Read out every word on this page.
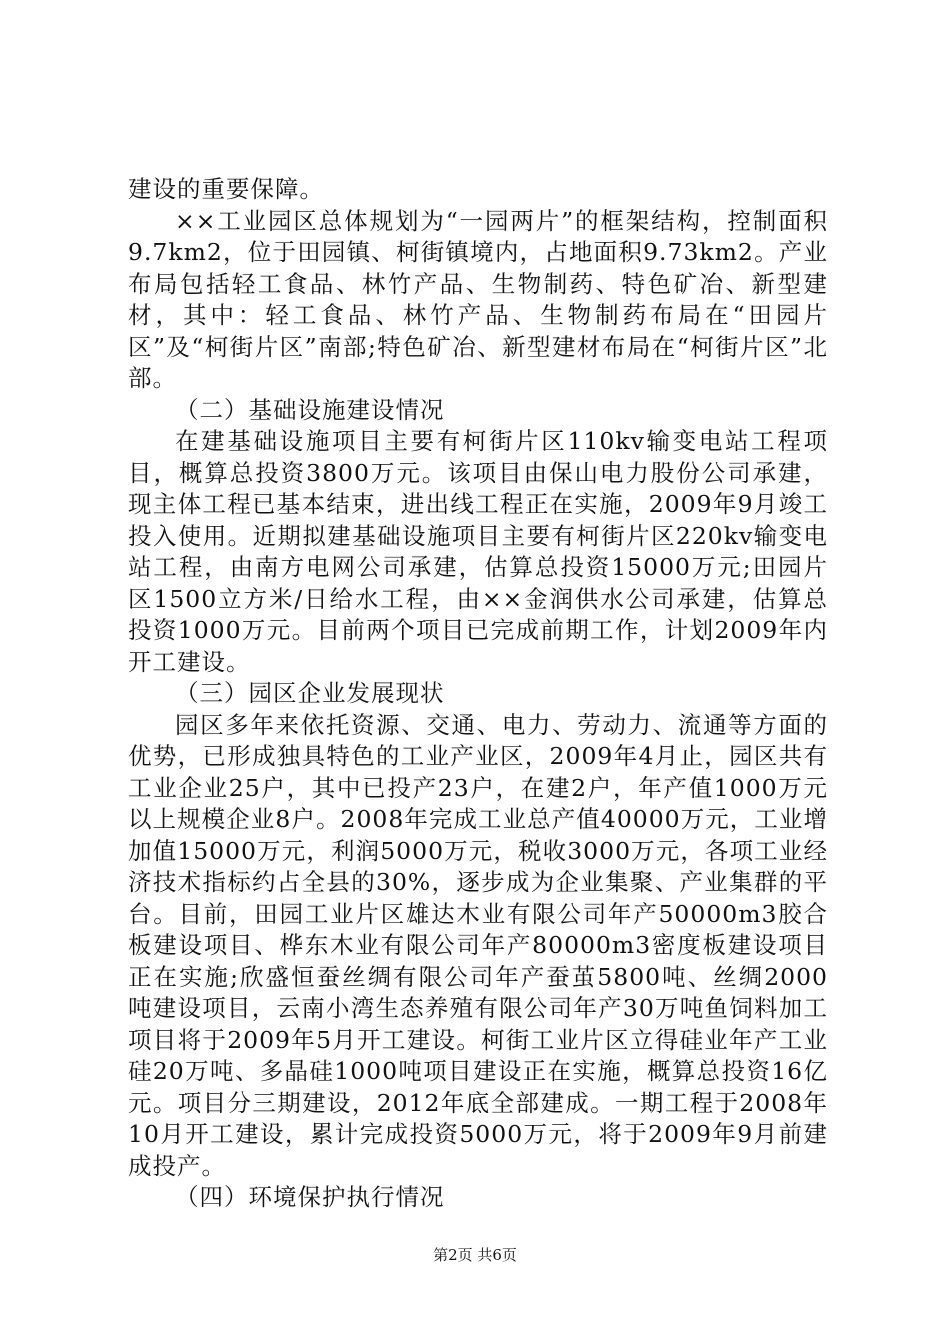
建设的重要保障。

××工业园区总体规划为“一园两片”的框架结构，控制面积9.7km2，位于田园镇、柯街镇境内，占地面积9.73km2。产业布局包括轻工食品、林竹产品、生物制药、特色矿冶、新型建材，其中：轻工食品、林竹产品、生物制药布局在“田园片区”及“柯街片区”南部;特色矿冶、新型建材布局在“柯街片区”北部。

（二）基础设施建设情况

在建基础设施项目主要有柯街片区110kv输变电站工程项目，概算总投资3800万元。该项目由保山电力股份公司承建，现主体工程已基本结束，进出线工程正在实施，2009年9月竣工投入使用。近期拟建基础设施项目主要有柯街片区220kv输变电站工程，由南方电网公司承建，估算总投资15000万元;田园片区1500立方米/日给水工程，由××金润供水公司承建，估算总投资1000万元。目前两个项目已完成前期工作，计划2009年内开工建设。

（三）园区企业发展现状

园区多年来依托资源、交通、电力、劳动力、流通等方面的优势，已形成独具特色的工业产业区，2009年4月止，园区共有工业企业25户，其中已投产23户，在建2户，年产值1000万元以上规模企业8户。2008年完成工业总产值40000万元，工业增加值15000万元，利润5000万元，税收3000万元，各项工业经济技术指标约占全县的30%，逐步成为企业集聚、产业集群的平台。目前，田园工业片区雄达木业有限公司年产50000m3胶合板建设项目、桦东木业有限公司年产80000m3密度板建设项目正在实施;欣盛恒蚕丝绸有限公司年产蚕茧5800吨、丝绸2000吨建设项目，云南小湾生态养殖有限公司年产30万吨鱼饲料加工项目将于2009年5月开工建设。柯街工业片区立得硅业年产工业硅20万吨、多晶硅1000吨项目建设正在实施，概算总投资16亿元。项目分三期建设，2012年底全部建成。一期工程于2008年10月开工建设，累计完成投资5000万元，将于2009年9月前建成投产。

（四）环境保护执行情况

第2页 共6页
